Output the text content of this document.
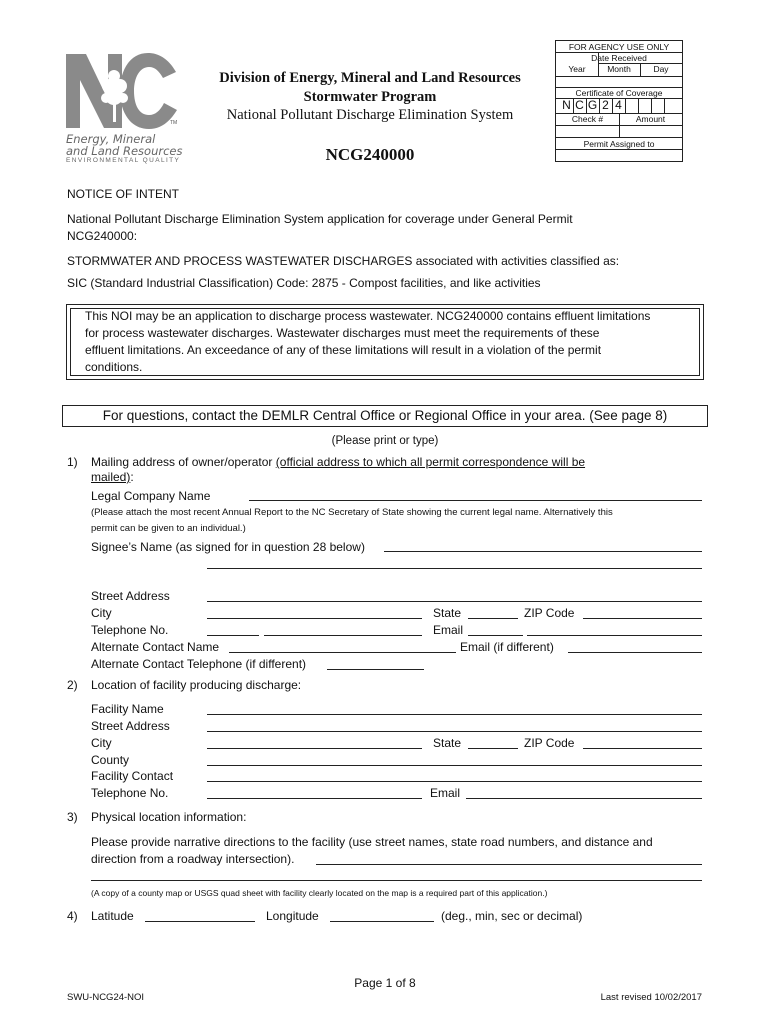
TM
Energy, Mineral
and Land Resources
ENVIRONMENTAL QUALITY
Division of Energy, Mineral and Land Resources
Stormwater Program
National Pollutant Discharge Elimination System
NCG240000
FOR AGENCY USE ONLY
Date Received
Year	Month	Day
Certificate of Coverage
N C G 2 4
Check #	Amount
Permit Assigned to
NOTICE OF INTENT
National Pollutant Discharge Elimination System application for coverage under General Permit
NCG240000:
STORMWATER AND PROCESS WASTEWATER DISCHARGES associated with activities classified as:
SIC (Standard Industrial Classification) Code: 2875 - Compost facilities, and like activities
This NOI may be an application to discharge process wastewater. NCG240000 contains effluent limitations
for process wastewater discharges. Wastewater discharges must meet the requirements of these
effluent limitations. An exceedance of any of these limitations will result in a violation of the permit
conditions.
For questions, contact the DEMLR Central Office or Regional Office in your area. (See page 8)
(Please print or type)
1) Mailing address of owner/operator (official address to which all permit correspondence will be
mailed):
Legal Company Name
(Please attach the most recent Annual Report to the NC Secretary of State showing the current legal name. Alternatively this
permit can be given to an individual.)
Signee’s Name (as signed for in question 28 below)
Street Address
City	State	ZIP Code
Telephone No.	Email
Alternate Contact Name	Email (if different)
Alternate Contact Telephone (if different)
2) Location of facility producing discharge:
Facility Name
Street Address
City	State	ZIP Code
County
Facility Contact
Telephone No.	Email
3) Physical location information:
Please provide narrative directions to the facility (use street names, state road numbers, and distance and
direction from a roadway intersection).
(A copy of a county map or USGS quad sheet with facility clearly located on the map is a required part of this application.)
4) Latitude	Longitude	(deg., min, sec or decimal)
Page 1 of 8
SWU-NCG24-NOI	Last revised 10/02/2017
